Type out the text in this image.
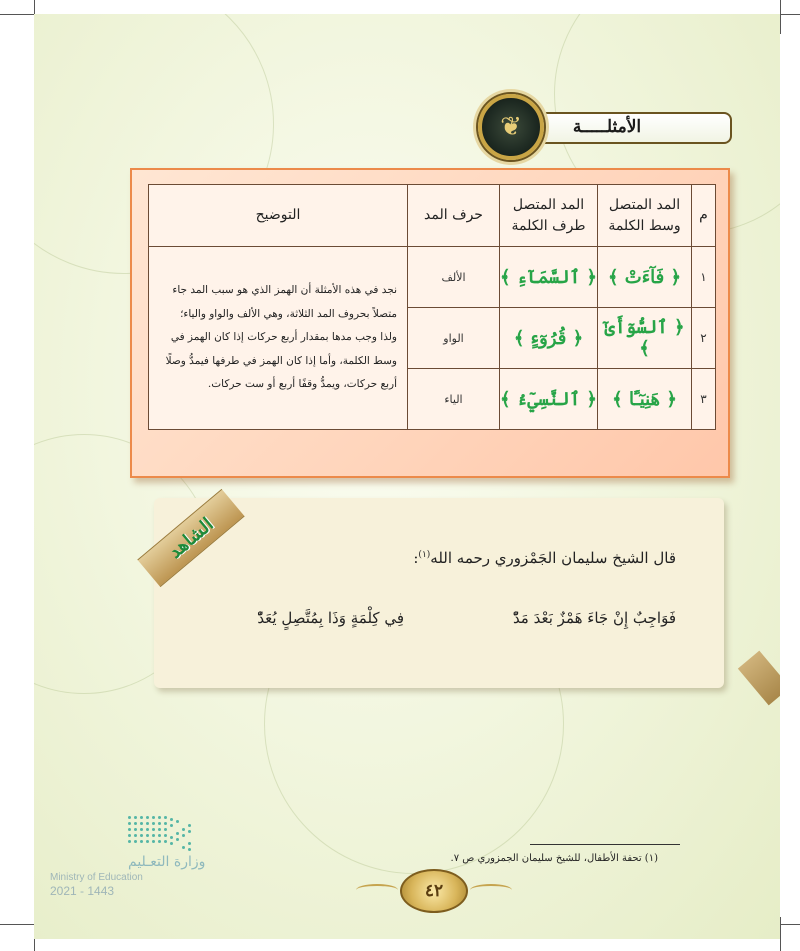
الأمثلـــــة
❦
م	المد المتصل وسط الكلمة	المد المتصل طرف الكلمة	حرف المد	التوضيح
١	﴿ فَآءَتْ ﴾	﴿ ٱلسَّمَآءِ ﴾	الألف	نجد في هذه الأمثلة أن الهمز الذي هو سبب المد جاء
متصلاً بحروف المد الثلاثة، وهي الألف والواو والياء؛
ولذا وجب مدها بمقدار أربع حركات إذا كان الهمز في
وسط الكلمة، وأما إذا كان الهمز في طرفها فيمدُّ وصلًا
أربع حركات، ويمدُّ وقفًا أربع أو ست حركات.

٢	﴿ ٱلسُّوٓأَىٰٓ ﴾	﴿ قُرُوٓءٍ ﴾	الواو	
٣	﴿ هَنِيٓـًٔا ﴾	﴿ ٱلنَّسِيٓءُ ﴾	الياء	
قال الشيخ سليمان الجَمْزوري رحمه الله$^{(١)}$:
فَوَاجِبٌ إِنْ جَاءَ هَمْزٌ بَعْدَ مَدّْ
فِي كِلْمَةٍ وَذَا بِمُتَّصِلٍ يُعَدّْ
الشاهد
(١) تحفة الأطفال، للشيخ سليمان الجمزوري ص ٧.
٤٢
وزارة التعـليم
Ministry of Education
2021 - 1443
